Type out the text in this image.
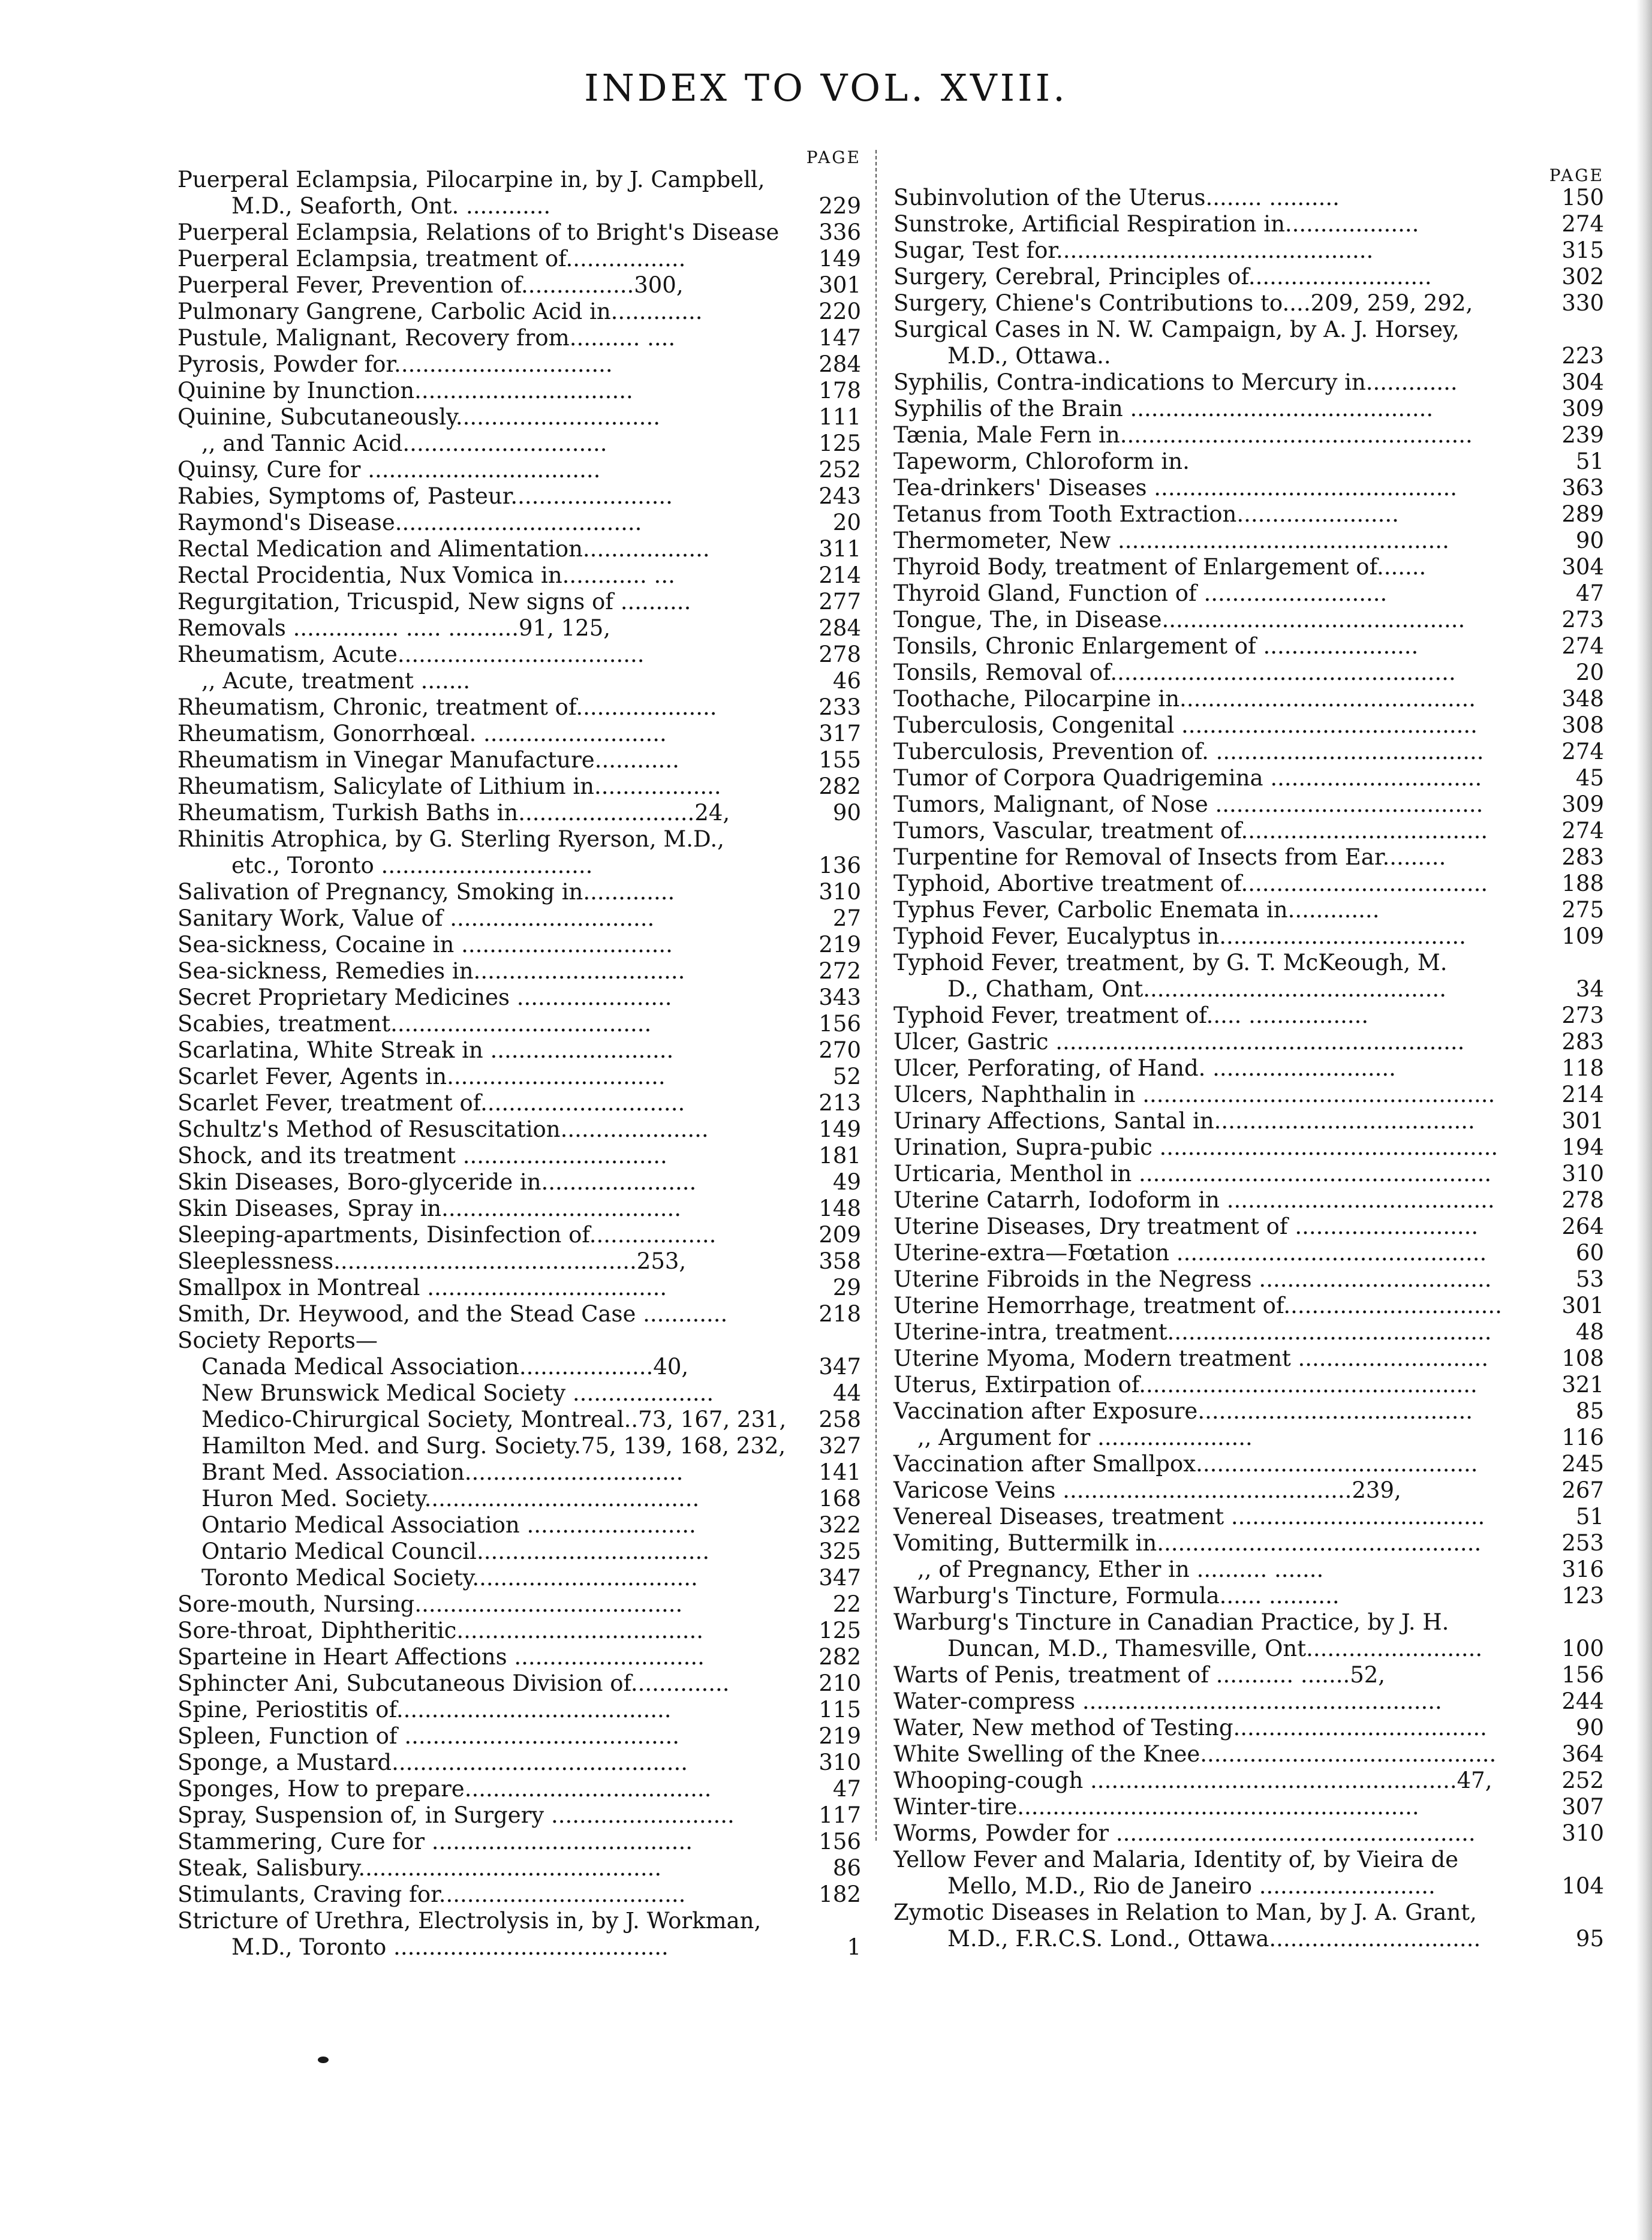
INDEX TO VOL. XVIII.
PAGE
Puerperal Eclampsia, Pilocarpine in, by J. Campbell,
M.D., Seaforth, Ont. ............	229
Puerperal Eclampsia, Relations of to Bright's Disease	336
Puerperal Eclampsia, treatment of.................	149
Puerperal Fever, Prevention of................300,	301
Pulmonary Gangrene, Carbolic Acid in.............	220
Pustule, Malignant, Recovery from.......... ....	147
Pyrosis, Powder for...............................	284
Quinine by Inunction...............................	178
Quinine, Subcutaneously.............................	111
,, and Tannic Acid.............................	125
Quinsy, Cure for .................................	252
Rabies, Symptoms of, Pasteur.......................	243
Raymond's Disease...................................	20
Rectal Medication and Alimentation..................	311
Rectal Procidentia, Nux Vomica in............ ...	214
Regurgitation, Tricuspid, New signs of ..........	277
Removals ............... ..... ..........91, 125,	284
Rheumatism, Acute...................................	278
,, Acute, treatment .......	46
Rheumatism, Chronic, treatment of....................	233
Rheumatism, Gonorrhœal. ..........................	317
Rheumatism in Vinegar Manufacture............	155
Rheumatism, Salicylate of Lithium in..................	282
Rheumatism, Turkish Baths in.........................24,	90
Rhinitis Atrophica, by G. Sterling Ryerson, M.D.,
etc., Toronto ..............................	136
Salivation of Pregnancy, Smoking in.............	310
Sanitary Work, Value of .............................	27
Sea-sickness, Cocaine in ..............................	219
Sea-sickness, Remedies in..............................	272
Secret Proprietary Medicines ......................	343
Scabies, treatment.....................................	156
Scarlatina, White Streak in ..........................	270
Scarlet Fever, Agents in...............................	52
Scarlet Fever, treatment of.............................	213
Schultz's Method of Resuscitation.....................	149
Shock, and its treatment .............................	181
Skin Diseases, Boro-glyceride in......................	49
Skin Diseases, Spray in..................................	148
Sleeping-apartments, Disinfection of..................	209
Sleeplessness...........................................253,	358
Smallpox in Montreal ..................................	29
Smith, Dr. Heywood, and the Stead Case ............	218
Society Reports—
Canada Medical Association...................40,	347
New Brunswick Medical Society ....................	44
Medico-Chirurgical Society, Montreal..73, 167, 231,	258
Hamilton Med. and Surg. Society.75, 139, 168, 232,	327
Brant Med. Association...............................	141
Huron Med. Society.......................................	168
Ontario Medical Association ........................	322
Ontario Medical Council.................................	325
Toronto Medical Society................................	347
Sore-mouth, Nursing......................................	22
Sore-throat, Diphtheritic...................................	125
Sparteine in Heart Affections ...........................	282
Sphincter Ani, Subcutaneous Division of..............	210
Spine, Periostitis of.......................................	115
Spleen, Function of .......................................	219
Sponge, a Mustard..........................................	310
Sponges, How to prepare...................................	47
Spray, Suspension of, in Surgery ..........................	117
Stammering, Cure for .....................................	156
Steak, Salisbury...........................................	86
Stimulants, Craving for...................................	182
Stricture of Urethra, Electrolysis in, by J. Workman,
M.D., Toronto .......................................	1
PAGE
Subinvolution of the Uterus........ ..........	150
Sunstroke, Artificial Respiration in...................	274
Sugar, Test for.............................................	315
Surgery, Cerebral, Principles of..........................	302
Surgery, Chiene's Contributions to....209, 259, 292,	330
Surgical Cases in N. W. Campaign, by A. J. Horsey,
M.D., Ottawa..	223
Syphilis, Contra-indications to Mercury in.............	304
Syphilis of the Brain ...........................................	309
Tænia, Male Fern in..................................................	239
Tapeworm, Chloroform in.	51
Tea-drinkers' Diseases ...........................................	363
Tetanus from Tooth Extraction.......................	289
Thermometer, New ...............................................	90
Thyroid Body, treatment of Enlargement of.......	304
Thyroid Gland, Function of ..........................	47
Tongue, The, in Disease...........................................	273
Tonsils, Chronic Enlargement of ......................	274
Tonsils, Removal of.................................................	20
Toothache, Pilocarpine in..........................................	348
Tuberculosis, Congenital ..........................................	308
Tuberculosis, Prevention of. ......................................	274
Tumor of Corpora Quadrigemina ..............................	45
Tumors, Malignant, of Nose ......................................	309
Tumors, Vascular, treatment of...................................	274
Turpentine for Removal of Insects from Ear.........	283
Typhoid, Abortive treatment of...................................	188
Typhus Fever, Carbolic Enemata in.............	275
Typhoid Fever, Eucalyptus in...................................	109
Typhoid Fever, treatment, by G. T. McKeough, M.
D., Chatham, Ont...........................................	34
Typhoid Fever, treatment of..... .................	273
Ulcer, Gastric ..........................................................	283
Ulcer, Perforating, of Hand. ..........................	118
Ulcers, Naphthalin in ..................................................	214
Urinary Affections, Santal in.....................................	301
Urination, Supra-pubic ................................................	194
Urticaria, Menthol in ..................................................	310
Uterine Catarrh, Iodoform in ......................................	278
Uterine Diseases, Dry treatment of ..........................	264
Uterine-extra—Fœtation ............................................	60
Uterine Fibroids in the Negress .................................	53
Uterine Hemorrhage, treatment of...............................	301
Uterine-intra, treatment..............................................	48
Uterine Myoma, Modern treatment ...........................	108
Uterus, Extirpation of................................................	321
Vaccination after Exposure.......................................	85
,, Argument for ......................	116
Vaccination after Smallpox........................................	245
Varicose Veins .........................................239,	267
Venereal Diseases, treatment ....................................	51
Vomiting, Buttermilk in..............................................	253
,, of Pregnancy, Ether in .......... .......	316
Warburg's Tincture, Formula...... ..........	123
Warburg's Tincture in Canadian Practice, by J. H.
Duncan, M.D., Thamesville, Ont.........................	100
Warts of Penis, treatment of ........... .......52,	156
Water-compress ...................................................	244
Water, New method of Testing....................................	90
White Swelling of the Knee..........................................	364
Whooping-cough ....................................................47,	252
Winter-tire.........................................................	307
Worms, Powder for ...................................................	310
Yellow Fever and Malaria, Identity of, by Vieira de
Mello, M.D., Rio de Janeiro .........................	104
Zymotic Diseases in Relation to Man, by J. A. Grant,
M.D., F.R.C.S. Lond., Ottawa..............................	95
